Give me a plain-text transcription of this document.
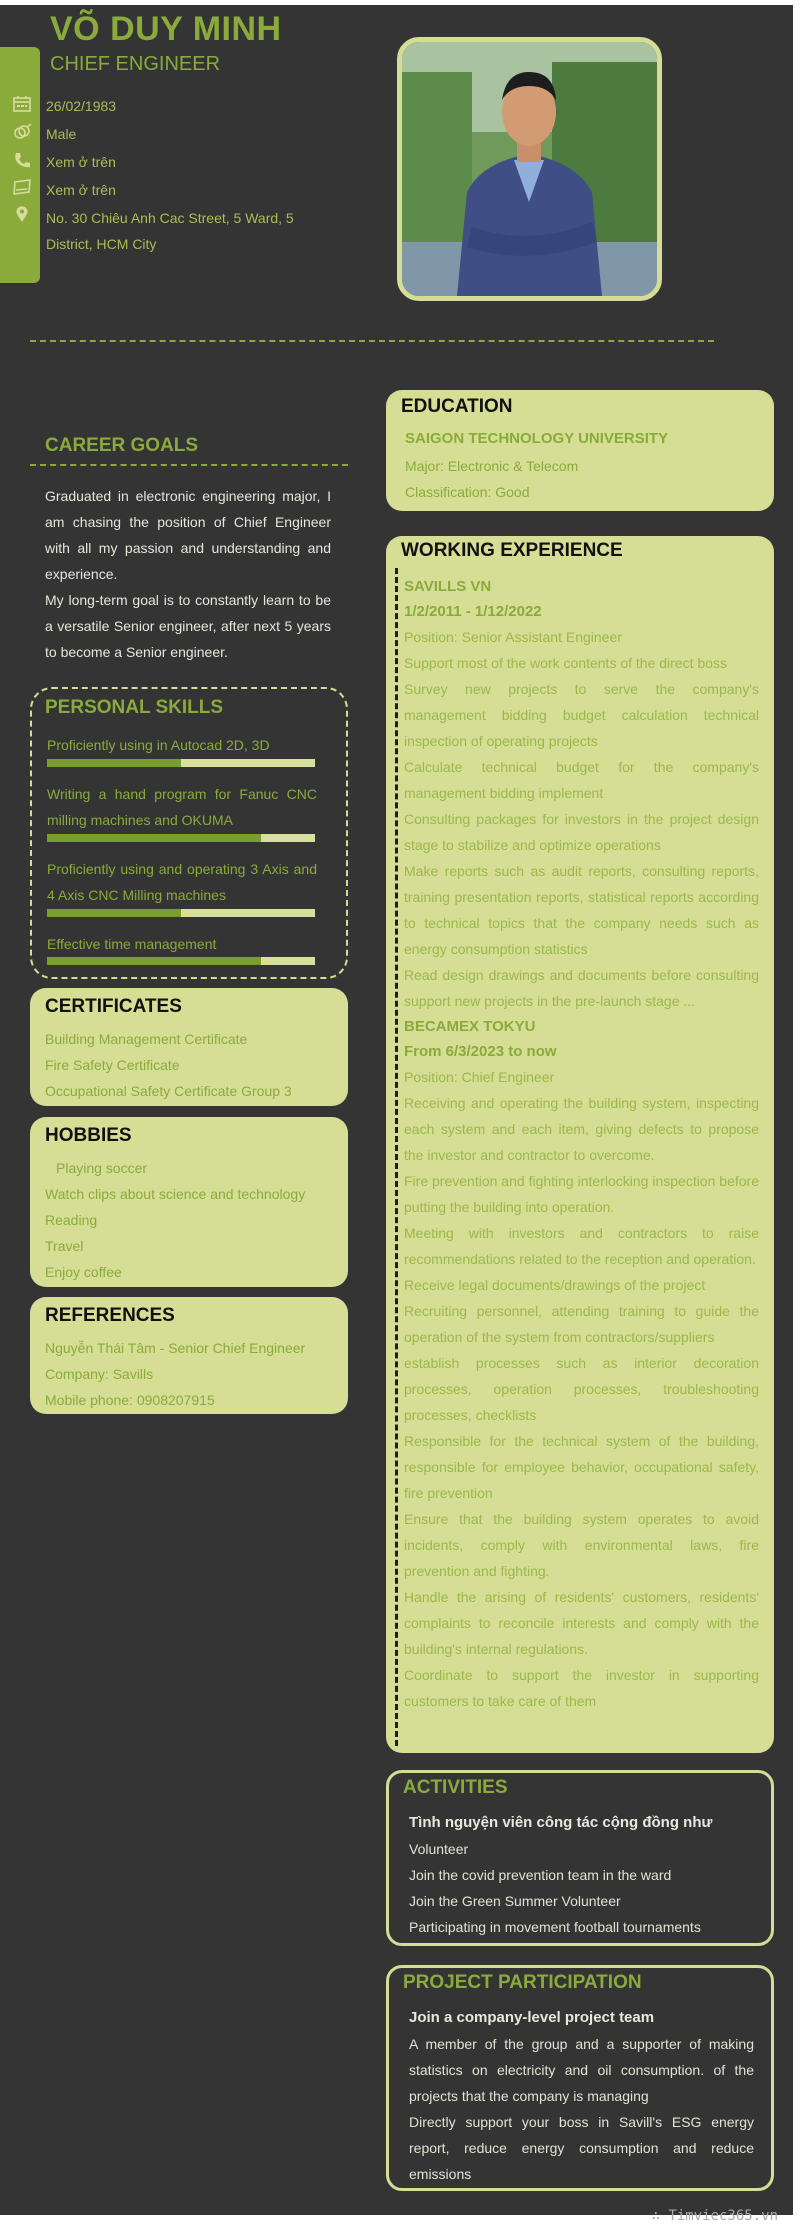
VÕ DUY MINH
CHIEF ENGINEER
26/02/1983
Male
Xem ở trên
Xem ở trên
No. 30 Chiêu Anh Cac Street, 5 Ward, 5 District, HCM City
CAREER GOALS
Graduated in electronic engineering major, I am chasing the position of Chief Engineer with all my passion and understanding and experience.
My long-term goal is to constantly learn to be a versatile Senior engineer, after next 5 years to become a Senior engineer.
PERSONAL SKILLS
Proficiently using in Autocad 2D, 3D
Writing a hand program for Fanuc CNC milling machines and OKUMA
Proficiently using and operating 3 Axis and 4 Axis CNC Milling machines
Effective time management
CERTIFICATES
Building Management Certificate
Fire Safety Certificate
Occupational Safety Certificate Group 3
HOBBIES
Playing soccer
Watch clips about science and technology
Reading
Travel
Enjoy coffee
REFERENCES
Nguyễn Thái Tâm - Senior Chief Engineer
Company: Savills
Mobile phone: 0908207915
EDUCATION
SAIGON TECHNOLOGY UNIVERSITY
Major: Electronic & Telecom
Classification: Good
WORKING EXPERIENCE
SAVILLS VN
1/2/2011 - 1/12/2022
Position: Senior Assistant Engineer
Support most of the work contents of the direct boss
Survey new projects to serve the company's management bidding budget calculation technical inspection of operating projects
Calculate technical budget for the company's management bidding implement
Consulting packages for investors in the project design stage to stabilize and optimize operations
Make reports such as audit reports, consulting reports, training presentation reports, statistical reports according to technical topics that the company needs such as energy consumption statistics
Read design drawings and documents before consulting support new projects in the pre-launch stage ...
BECAMEX TOKYU
From 6/3/2023 to now
Position: Chief Engineer
Receiving and operating the building system, inspecting each system and each item, giving defects to propose the investor and contractor to overcome.
Fire prevention and fighting interlocking inspection before putting the building into operation.
Meeting with investors and contractors to raise recommendations related to the reception and operation.
Receive legal documents/drawings of the project
Recruiting personnel, attending training to guide the operation of the system from contractors/suppliers
establish processes such as interior decoration processes, operation processes, troubleshooting processes, checklists
Responsible for the technical system of the building, responsible for employee behavior, occupational safety, fire prevention
Ensure that the building system operates to avoid incidents, comply with environmental laws, fire prevention and fighting.
Handle the arising of residents' customers, residents' complaints to reconcile interests and comply with the building's internal regulations.
Coordinate to support the investor in supporting customers to take care of them
ACTIVITIES
Tình nguyện viên công tác cộng đồng như
Volunteer
Join the covid prevention team in the ward
Join the Green Summer Volunteer
Participating in movement football tournaments
PROJECT PARTICIPATION
Join a company-level project team
A member of the group and a supporter of making statistics on electricity and oil consumption. of the projects that the company is managing
Directly support your boss in Savill's ESG energy report, reduce energy consumption and reduce emissions
∴ Timviec365.vn
